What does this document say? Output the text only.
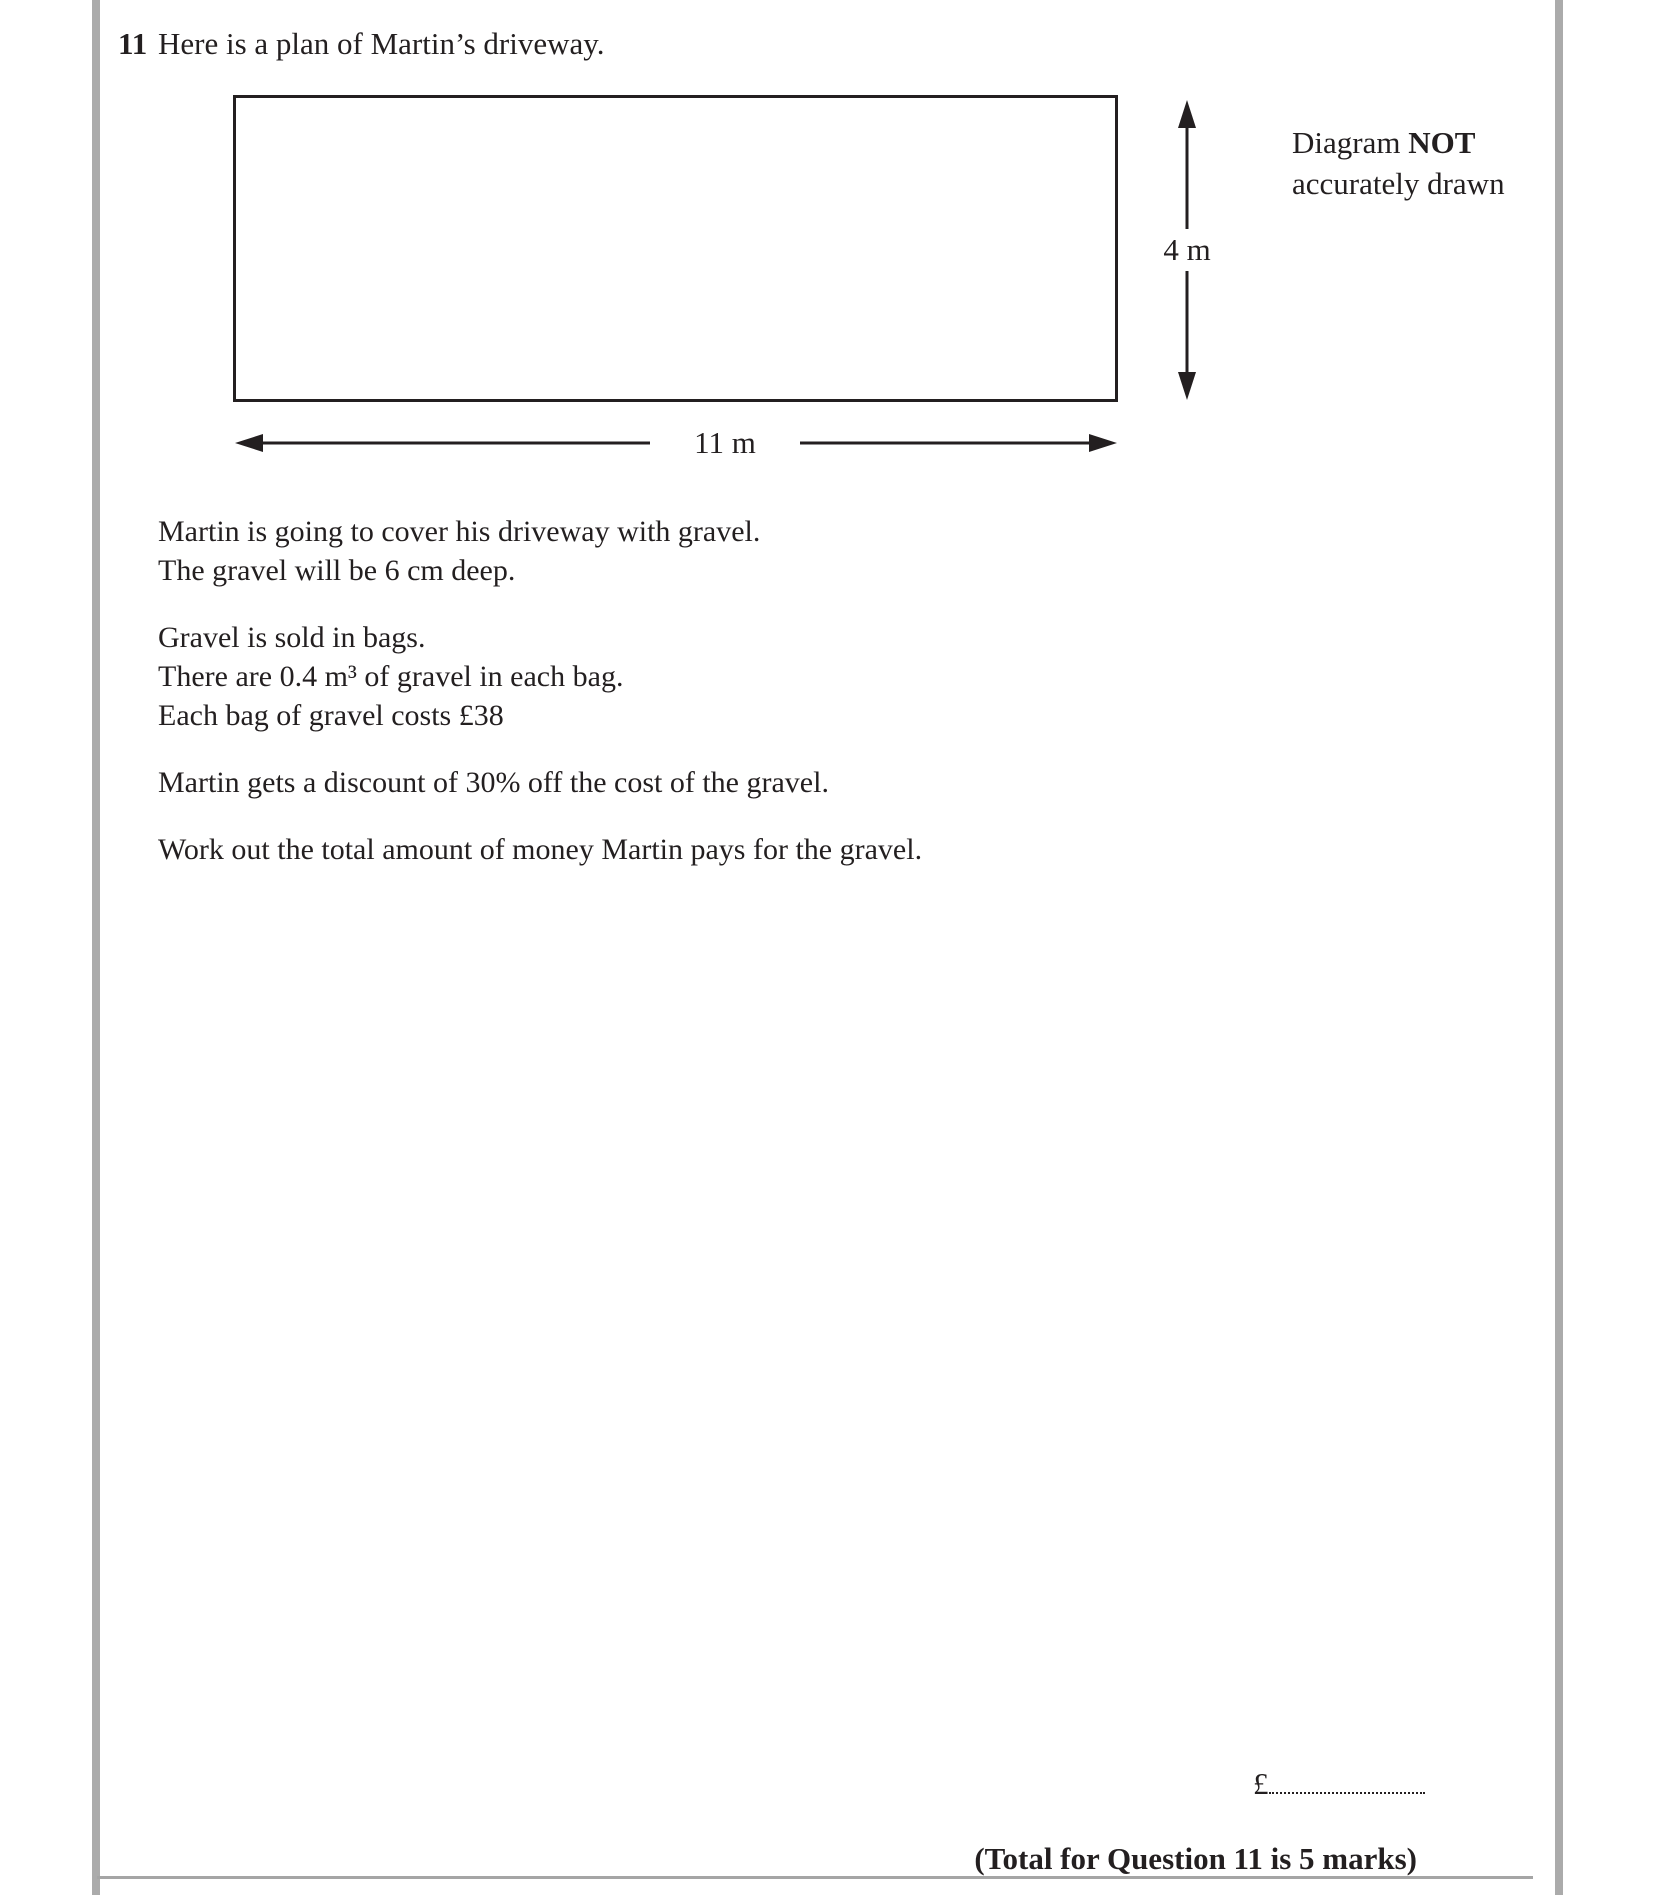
11 Here is a plan of Martin’s driveway.
11 m
4 m
Diagram NOT
accurately drawn
Martin is going to cover his driveway with gravel.
The gravel will be 6 cm deep.
Gravel is sold in bags.
There are 0.4 m³ of gravel in each bag.
Each bag of gravel costs £38
Martin gets a discount of 30% off the cost of the gravel.
Work out the total amount of money Martin pays for the gravel.
£
(Total for Question 11 is 5 marks)
